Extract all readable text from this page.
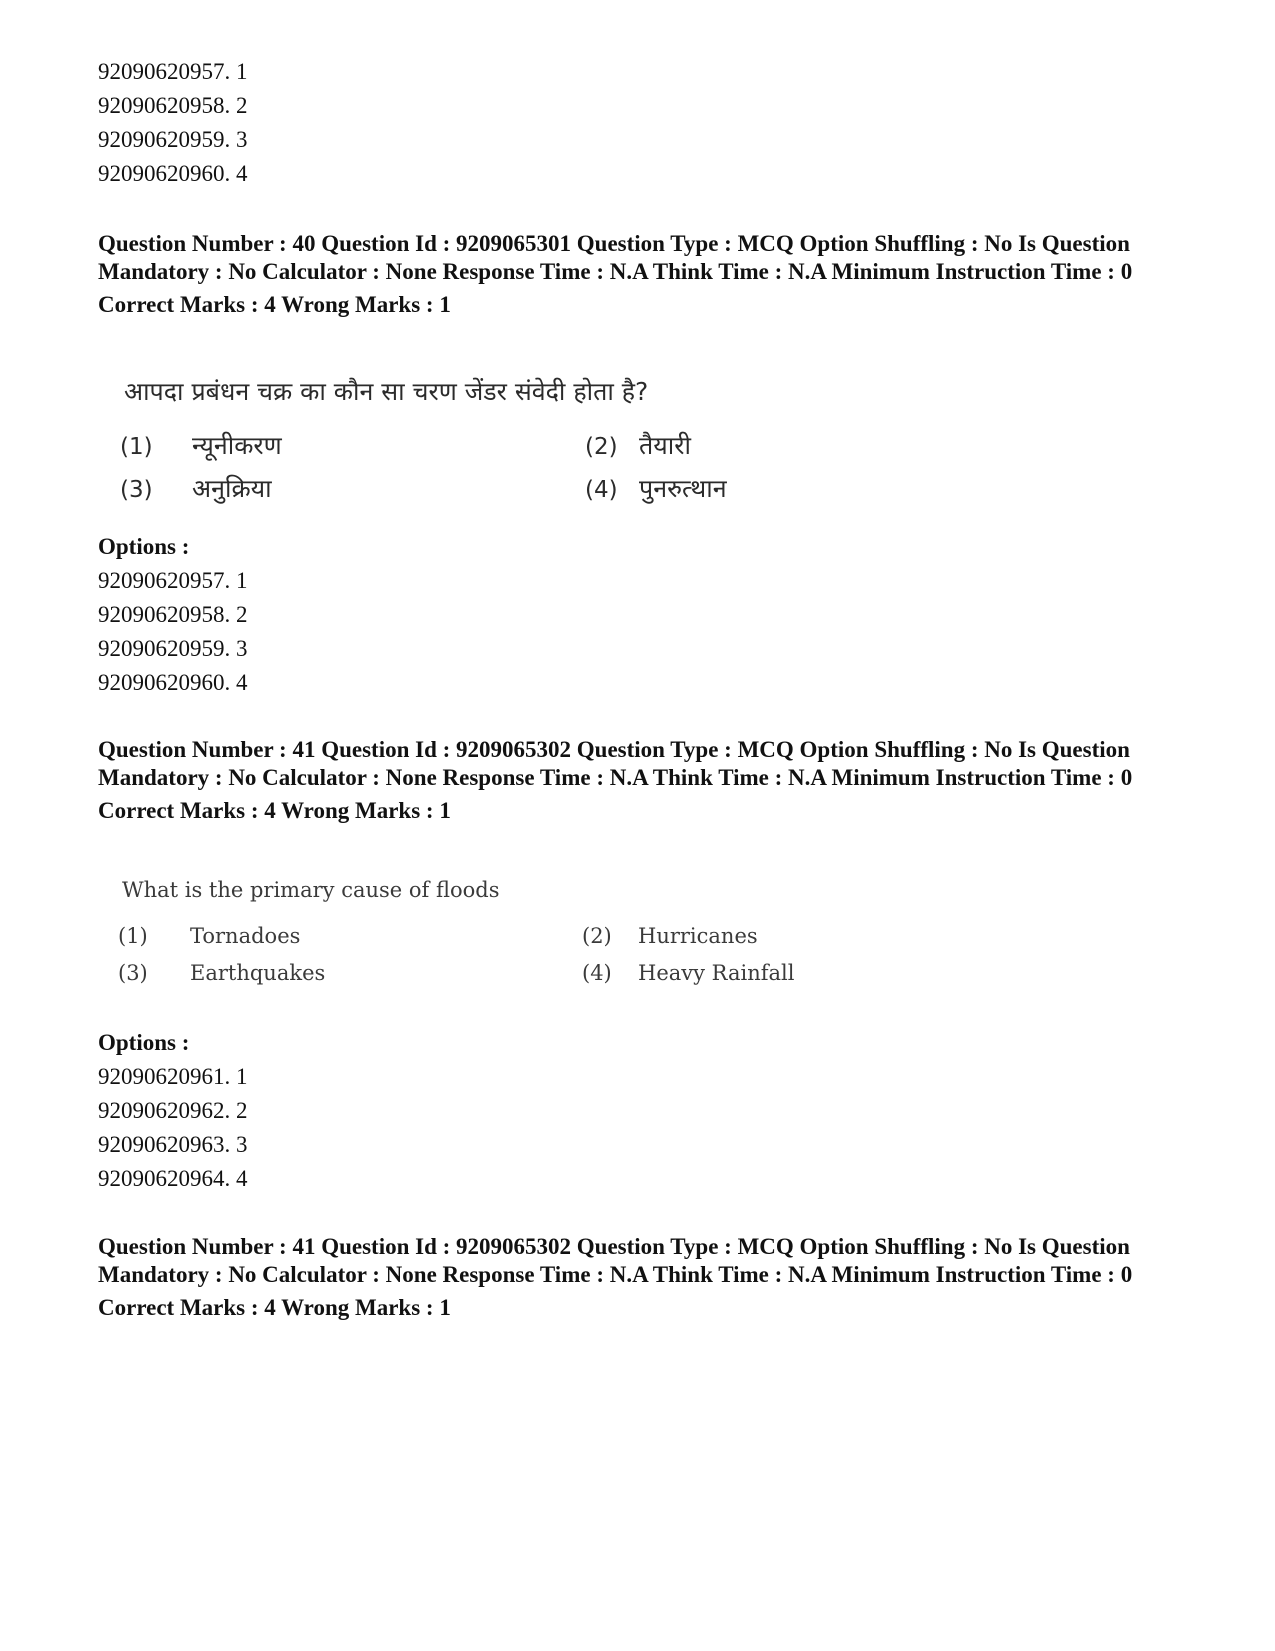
92090620957. 1
92090620958. 2
92090620959. 3
92090620960. 4
Question Number : 40 Question Id : 9209065301 Question Type : MCQ Option Shuffling : No Is Question Mandatory : No Calculator : None Response Time : N.A Think Time : N.A Minimum Instruction Time : 0
Correct Marks : 4 Wrong Marks : 1
आपदा प्रबंधन चक्र का कौन सा चरण जेंडर संवेदी होता है?
(1) न्यूनीकरण	(2) तैयारी
(3) अनुक्रिया	(4) पुनरुत्थान
Options :
92090620957. 1
92090620958. 2
92090620959. 3
92090620960. 4
Question Number : 41 Question Id : 9209065302 Question Type : MCQ Option Shuffling : No Is Question Mandatory : No Calculator : None Response Time : N.A Think Time : N.A Minimum Instruction Time : 0
Correct Marks : 4 Wrong Marks : 1
What is the primary cause of floods
(1) Tornadoes	(2) Hurricanes
(3) Earthquakes	(4) Heavy Rainfall
Options :
92090620961. 1
92090620962. 2
92090620963. 3
92090620964. 4
Question Number : 41 Question Id : 9209065302 Question Type : MCQ Option Shuffling : No Is Question Mandatory : No Calculator : None Response Time : N.A Think Time : N.A Minimum Instruction Time : 0
Correct Marks : 4 Wrong Marks : 1
